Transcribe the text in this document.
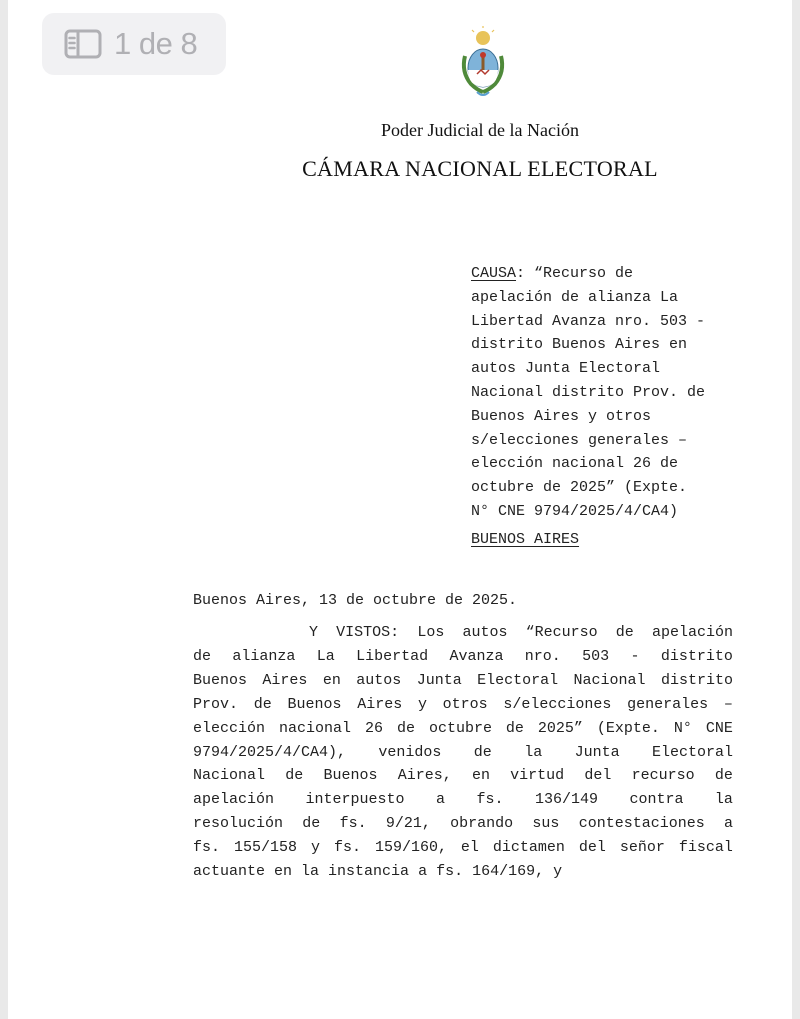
1 de 8
Poder Judicial de la Nación
CÁMARA NACIONAL ELECTORAL
CAUSA: “Recurso de
apelación de alianza La
Libertad Avanza nro. 503 -
distrito Buenos Aires en
autos Junta Electoral
Nacional distrito Prov. de
Buenos Aires y otros
s/elecciones generales –
elección nacional 26 de
octubre de 2025” (Expte.
N° CNE 9794/2025/4/CA4)
BUENOS AIRES
Buenos Aires, 13 de octubre de 2025.
Y VISTOS: Los autos “Recurso de apelación
de alianza La Libertad Avanza nro. 503 - distrito
Buenos Aires en autos Junta Electoral Nacional distrito
Prov. de Buenos Aires y otros s/elecciones generales –
elección nacional 26 de octubre de 2025” (Expte. N° CNE
9794/2025/4/CA4), venidos de la Junta Electoral
Nacional de Buenos Aires, en virtud del recurso de
apelación interpuesto a fs. 136/149 contra la
resolución de fs. 9/21, obrando sus contestaciones a
fs. 155/158 y fs. 159/160, el dictamen del señor fiscal
actuante en la instancia a fs. 164/169, y
